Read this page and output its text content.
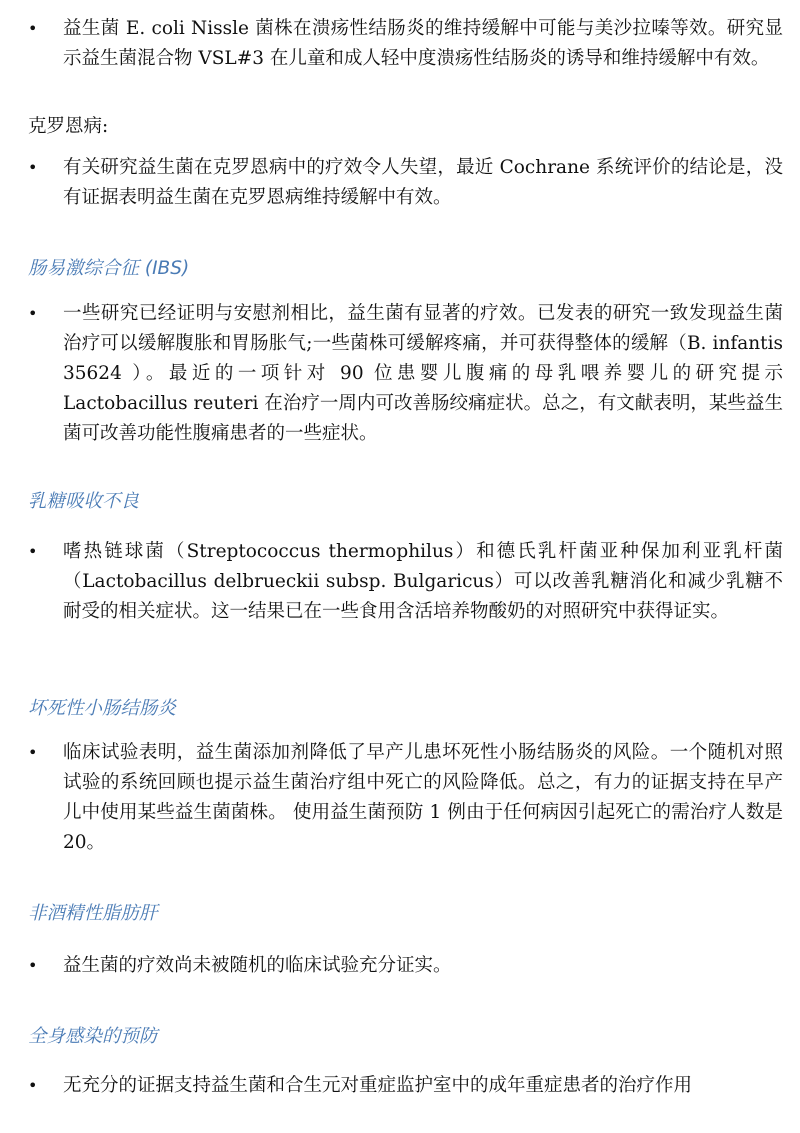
•	益生菌 E. coli Nissle 菌株在溃疡性结肠炎的维持缓解中可能与美沙拉嗪等效。研究显示益生菌混合物 VSL#3 在儿童和成人轻中度溃疡性结肠炎的诱导和维持缓解中有效。
克罗恩病:
•	有关研究益生菌在克罗恩病中的疗效令人失望，最近 Cochrane 系统评价的结论是，没有证据表明益生菌在克罗恩病维持缓解中有效。
肠易激综合征 (IBS)
•	一些研究已经证明与安慰剂相比，益生菌有显著的疗效。已发表的研究一致发现益生菌治疗可以缓解腹胀和胃肠胀气;一些菌株可缓解疼痛，并可获得整体的缓解（B. infantis 35624 ）。最近的一项针对 90 位患婴儿腹痛的母乳喂养婴儿的研究提示 Lactobacillus reuteri 在治疗一周内可改善肠绞痛症状。总之，有文献表明，某些益生菌可改善功能性腹痛患者的一些症状。
乳糖吸收不良
•	嗜热链球菌（Streptococcus thermophilus）和德氏乳杆菌亚种保加利亚乳杆菌（Lactobacillus delbrueckii subsp. Bulgaricus）可以改善乳糖消化和减少乳糖不耐受的相关症状。这一结果已在一些食用含活培养物酸奶的对照研究中获得证实。
坏死性小肠结肠炎
•	临床试验表明，益生菌添加剂降低了早产儿患坏死性小肠结肠炎的风险。一个随机对照试验的系统回顾也提示益生菌治疗组中死亡的风险降低。总之，有力的证据支持在早产儿中使用某些益生菌菌株。 使用益生菌预防 1 例由于任何病因引起死亡的需治疗人数是 20。
非酒精性脂肪肝
•	益生菌的疗效尚未被随机的临床试验充分证实。
全身感染的预防
•	无充分的证据支持益生菌和合生元对重症监护室中的成年重症患者的治疗作用
